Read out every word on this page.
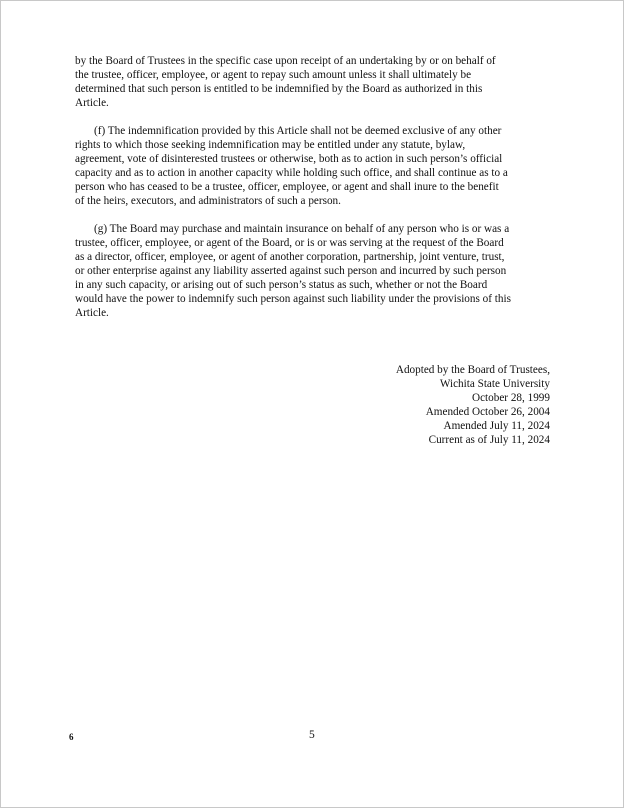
by the Board of Trustees in the specific case upon receipt of an undertaking by or on behalf of
the trustee, officer, employee, or agent to repay such amount unless it shall ultimately be
determined that such person is entitled to be indemnified by the Board as authorized in this
Article.
(f) The indemnification provided by this Article shall not be deemed exclusive of any other
rights to which those seeking indemnification may be entitled under any statute, bylaw,
agreement, vote of disinterested trustees or otherwise, both as to action in such person’s official
capacity and as to action in another capacity while holding such office, and shall continue as to a
person who has ceased to be a trustee, officer, employee, or agent and shall inure to the benefit
of the heirs, executors, and administrators of such a person.
(g) The Board may purchase and maintain insurance on behalf of any person who is or was a
trustee, officer, employee, or agent of the Board, or is or was serving at the request of the Board
as a director, officer, employee, or agent of another corporation, partnership, joint venture, trust,
or other enterprise against any liability asserted against such person and incurred by such person
in any such capacity, or arising out of such person’s status as such, whether or not the Board
would have the power to indemnify such person against such liability under the provisions of this
Article.
Adopted by the Board of Trustees,
Wichita State University
October 28, 1999
Amended October 26, 2004
Amended July 11, 2024
Current as of July 11, 2024
6	5
